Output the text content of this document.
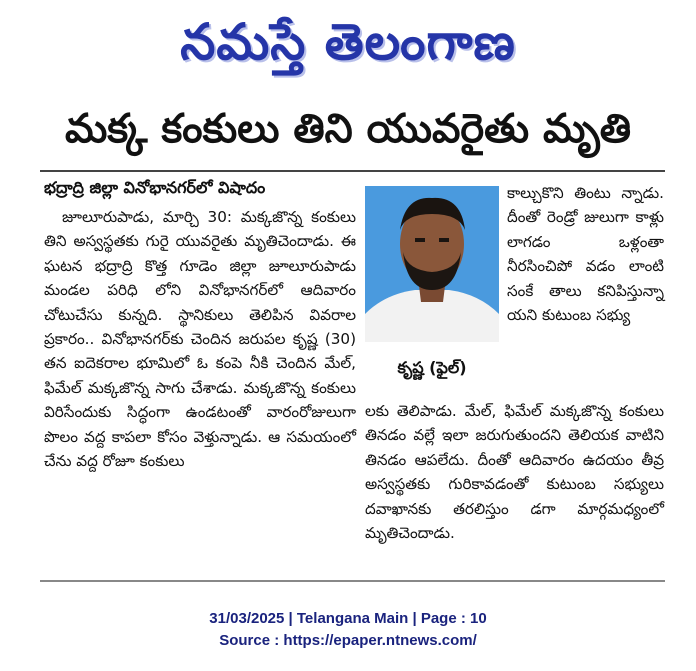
నమస్తే తెలంగాణ
మక్క కంకులు తిని యువరైతు మృతి
భద్రాద్రి జిల్లా వినోభానగర్‌లో విషాదం
జూలూరుపాడు, మార్చి 30: మక్కజొన్న కంకులు తిని అస్వస్థతకు గురై యువరైతు మృతిచెందాడు. ఈ ఘటన భద్రాద్రి కొత్త గూడెం జిల్లా జూలూరుపాడు మండల పరిధి లోని వినోభానగర్‌లో ఆదివారం చోటుచేసు కున్నది. స్థానికులు తెలిపిన వివరాల ప్రకారం.. వినోభానగర్‌కు చెందిన జరుపల కృష్ణ (30) తన ఐదెకరాల భూమిలో ఓ కంపె నీకి చెందిన మేల్, ఫిమేల్ మక్కజొన్న సాగు చేశాడు. మక్కజొన్న కంకులు విరిసేందుకు సిద్ధంగా ఉండటంతో వారంరోజులుగా పొలం వద్ద కాపలా కోసం వెళ్తున్నాడు. ఆ సమయంలో చేను వద్ద రోజూ కంకులు
కృష్ణ (ఫైల్)
కాల్చుకొని తింటు న్నాడు. దీంతో రెండ్రో జులుగా కాళ్లు లాగడం ఒళ్లంతా నీరసించిపో వడం లాంటి సంకే తాలు కనిపిస్తున్నా యని కుటుంబ సభ్యు
లకు తెలిపాడు. మేల్, ఫిమేల్ మక్కజొన్న కంకులు తినడం వల్లే ఇలా జరుగుతుందని తెలియక వాటిని తినడం ఆపలేదు. దీంతో ఆదివారం ఉదయం తీవ్ర అస్వస్థతకు గురికావడంతో కుటుంబ సభ్యులు దవాఖానకు తరలిస్తుం డగా మార్గమధ్యంలో మృతిచెందాడు.
31/03/2025 | Telangana Main | Page : 10
Source : https://epaper.ntnews.com/
